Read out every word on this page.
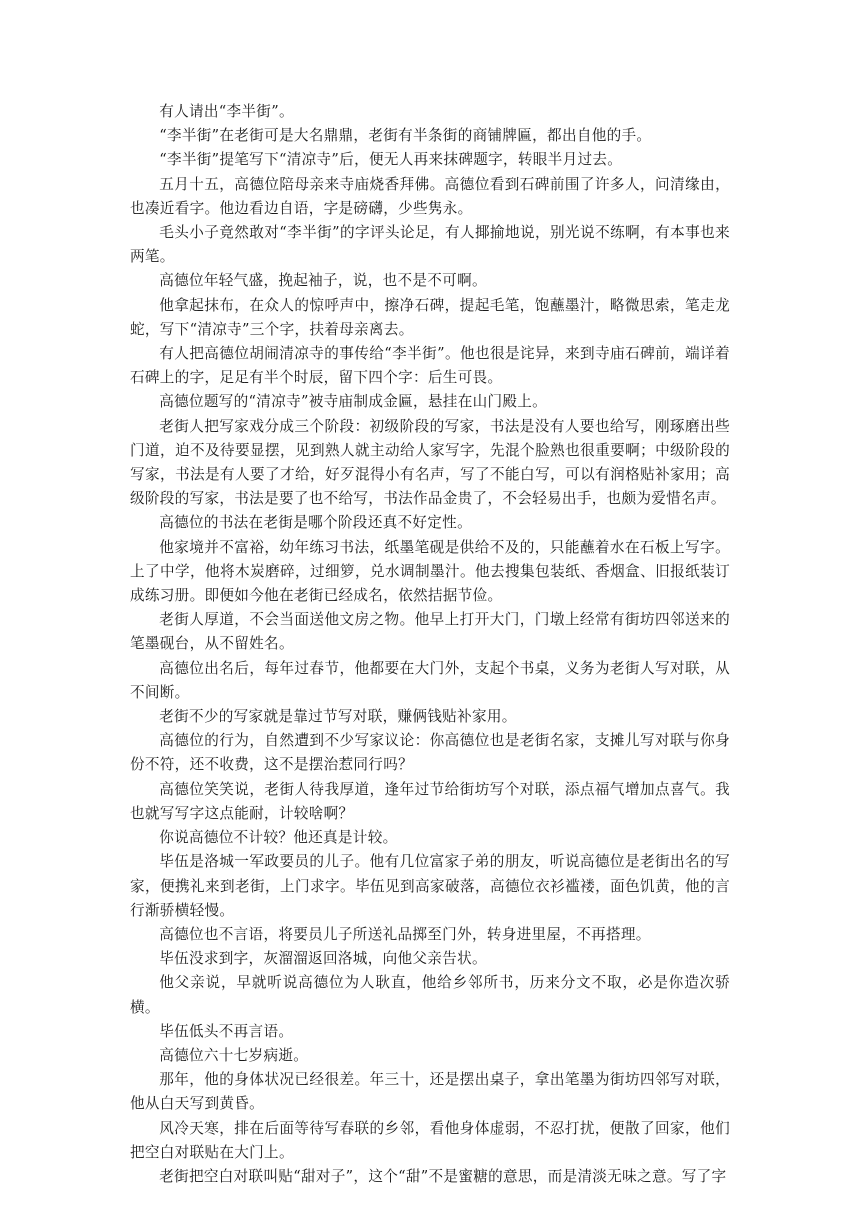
有人请出“李半街”。

“李半街”在老街可是大名鼎鼎，老街有半条街的商铺牌匾，都出自他的手。

“李半街”提笔写下“清凉寺”后，便无人再来抹碑题字，转眼半月过去。

五月十五，高德位陪母亲来寺庙烧香拜佛。高德位看到石碑前围了许多人，问清缘由，也凑近看字。他边看边自语，字是磅礴，少些隽永。

毛头小子竟然敢对“李半街”的字评头论足，有人揶揄地说，别光说不练啊，有本事也来两笔。

高德位年轻气盛，挽起袖子，说，也不是不可啊。

他拿起抹布，在众人的惊呼声中，擦净石碑，提起毛笔，饱蘸墨汁，略微思索，笔走龙蛇，写下“清凉寺”三个字，扶着母亲离去。

有人把高德位胡闹清凉寺的事传给“李半街”。他也很是诧异，来到寺庙石碑前，端详着石碑上的字，足足有半个时辰，留下四个字：后生可畏。

高德位题写的“清凉寺”被寺庙制成金匾，悬挂在山门殿上。

老街人把写家戏分成三个阶段：初级阶段的写家，书法是没有人要也给写，刚琢磨出些门道，迫不及待要显摆，见到熟人就主动给人家写字，先混个脸熟也很重要啊；中级阶段的写家，书法是有人要了才给，好歹混得小有名声，写了不能白写，可以有润格贴补家用；高级阶段的写家，书法是要了也不给写，书法作品金贵了，不会轻易出手，也颇为爱惜名声。

高德位的书法在老街是哪个阶段还真不好定性。

他家境并不富裕，幼年练习书法，纸墨笔砚是供给不及的，只能蘸着水在石板上写字。上了中学，他将木炭磨碎，过细箩，兑水调制墨汁。他去搜集包装纸、香烟盒、旧报纸装订成练习册。即便如今他在老街已经成名，依然拮据节俭。

老街人厚道，不会当面送他文房之物。他早上打开大门，门墩上经常有街坊四邻送来的笔墨砚台，从不留姓名。

高德位出名后，每年过春节，他都要在大门外，支起个书桌，义务为老街人写对联，从不间断。

老街不少的写家就是靠过节写对联，赚俩钱贴补家用。

高德位的行为，自然遭到不少写家议论：你高德位也是老街名家，支摊儿写对联与你身份不符，还不收费，这不是摆治惹同行吗？

高德位笑笑说，老街人待我厚道，逢年过节给街坊写个对联，添点福气增加点喜气。我也就写写字这点能耐，计较啥啊？

你说高德位不计较？他还真是计较。

毕伍是洛城一军政要员的儿子。他有几位富家子弟的朋友，听说高德位是老街出名的写家，便携礼来到老街，上门求字。毕伍见到高家破落，高德位衣衫褴褛，面色饥黄，他的言行渐骄横轻慢。

高德位也不言语，将要员儿子所送礼品掷至门外，转身进里屋，不再搭理。

毕伍没求到字，灰溜溜返回洛城，向他父亲告状。

他父亲说，早就听说高德位为人耿直，他给乡邻所书，历来分文不取，必是你造次骄横。

毕伍低头不再言语。

高德位六十七岁病逝。

那年，他的身体状况已经很差。年三十，还是摆出桌子，拿出笔墨为街坊四邻写对联，他从白天写到黄昏。

风冷天寒，排在后面等待写春联的乡邻，看他身体虚弱，不忍打扰，便散了回家，他们把空白对联贴在大门上。

老街把空白对联叫贴“甜对子”，这个“甜”不是蜜糖的意思，而是清淡无味之意。写了字
